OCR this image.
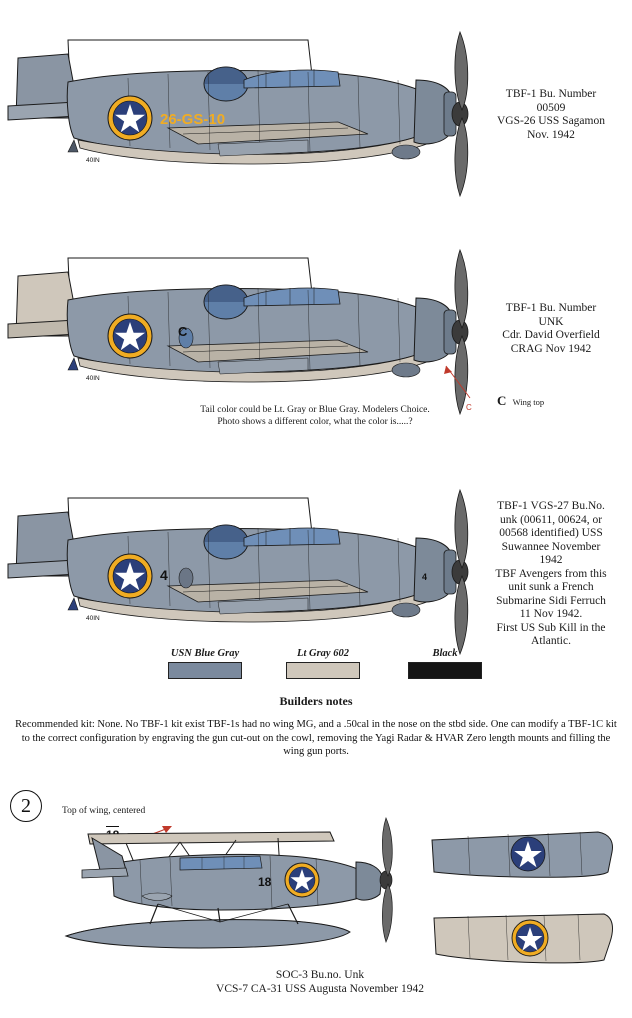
26-GS-10
40IN
TBF-1 Bu. Number
00509
VGS-26 USS Sagamon
Nov. 1942
C
40IN
C
TBF-1 Bu. Number
UNK
Cdr. David Overfield
CRAG Nov 1942
C Wing top
Tail color could be Lt. Gray or Blue Gray. Modelers Choice.
Photo shows a different color, what the color is.....?
4	4
40IN
TBF-1 VGS-27 Bu.No.
unk (00611, 00624, or
00568 identified) USS
Suwannee November
1942
TBF Avengers from this
unit sunk a French
Submarine Sidi Ferruch
11 Nov 1942.
First US Sub Kill in the
Atlantic.
USN Blue Gray	Lt Gray 602	Black
Builders notes
Recommended kit: None. No TBF-1 kit exist TBF-1s had no wing MG, and a .50cal in the nose on the stbd side. One can modify a TBF-1C kit to the correct configuration by engraving the gun cut-out on the cowl, removing the Yagi Radar & HVAR Zero length mounts and filling the wing gun ports.
2	Top of wing, centered
18
SOC-3 Bu.no. Unk
VCS-7 CA-31 USS Augusta November 1942
